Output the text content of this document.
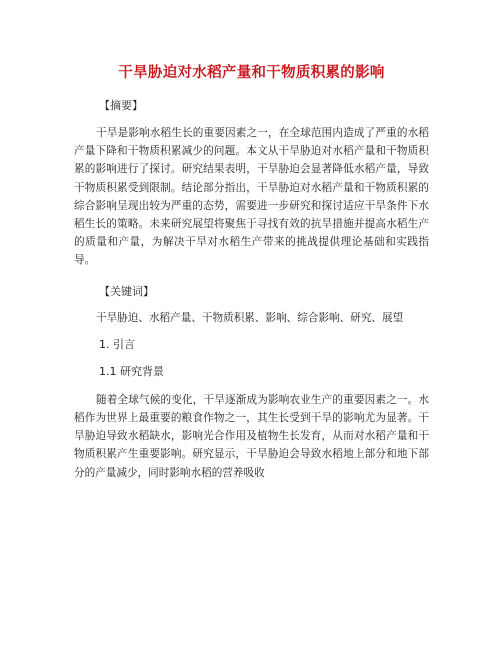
干旱胁迫对水稻产量和干物质积累的影响
【摘要】

干旱是影响水稻生长的重要因素之一，在全球范围内造成了严重的水稻产量下降和干物质积累减少的问题。本文从干旱胁迫对水稻产量和干物质积累的影响进行了探讨。研究结果表明，干旱胁迫会显著降低水稻产量，导致干物质积累受到限制。结论部分指出，干旱胁迫对水稻产量和干物质积累的综合影响呈现出较为严重的态势，需要进一步研究和探讨适应干旱条件下水稻生长的策略。未来研究展望将聚焦于寻找有效的抗旱措施并提高水稻生产的质量和产量，为解决干旱对水稻生产带来的挑战提供理论基础和实践指导。

【关键词】

干旱胁迫、水稻产量、干物质积累、影响、综合影响、研究、展望

1. 引言
1.1 研究背景

随着全球气候的变化，干旱逐渐成为影响农业生产的重要因素之一。水稻作为世界上最重要的粮食作物之一，其生长受到干旱的影响尤为显著。干旱胁迫导致水稻缺水，影响光合作用及植物生长发育，从而对水稻产量和干物质积累产生重要影响。研究显示，干旱胁迫会导致水稻地上部分和地下部分的产量减少，同时影响水稻的营养吸收
